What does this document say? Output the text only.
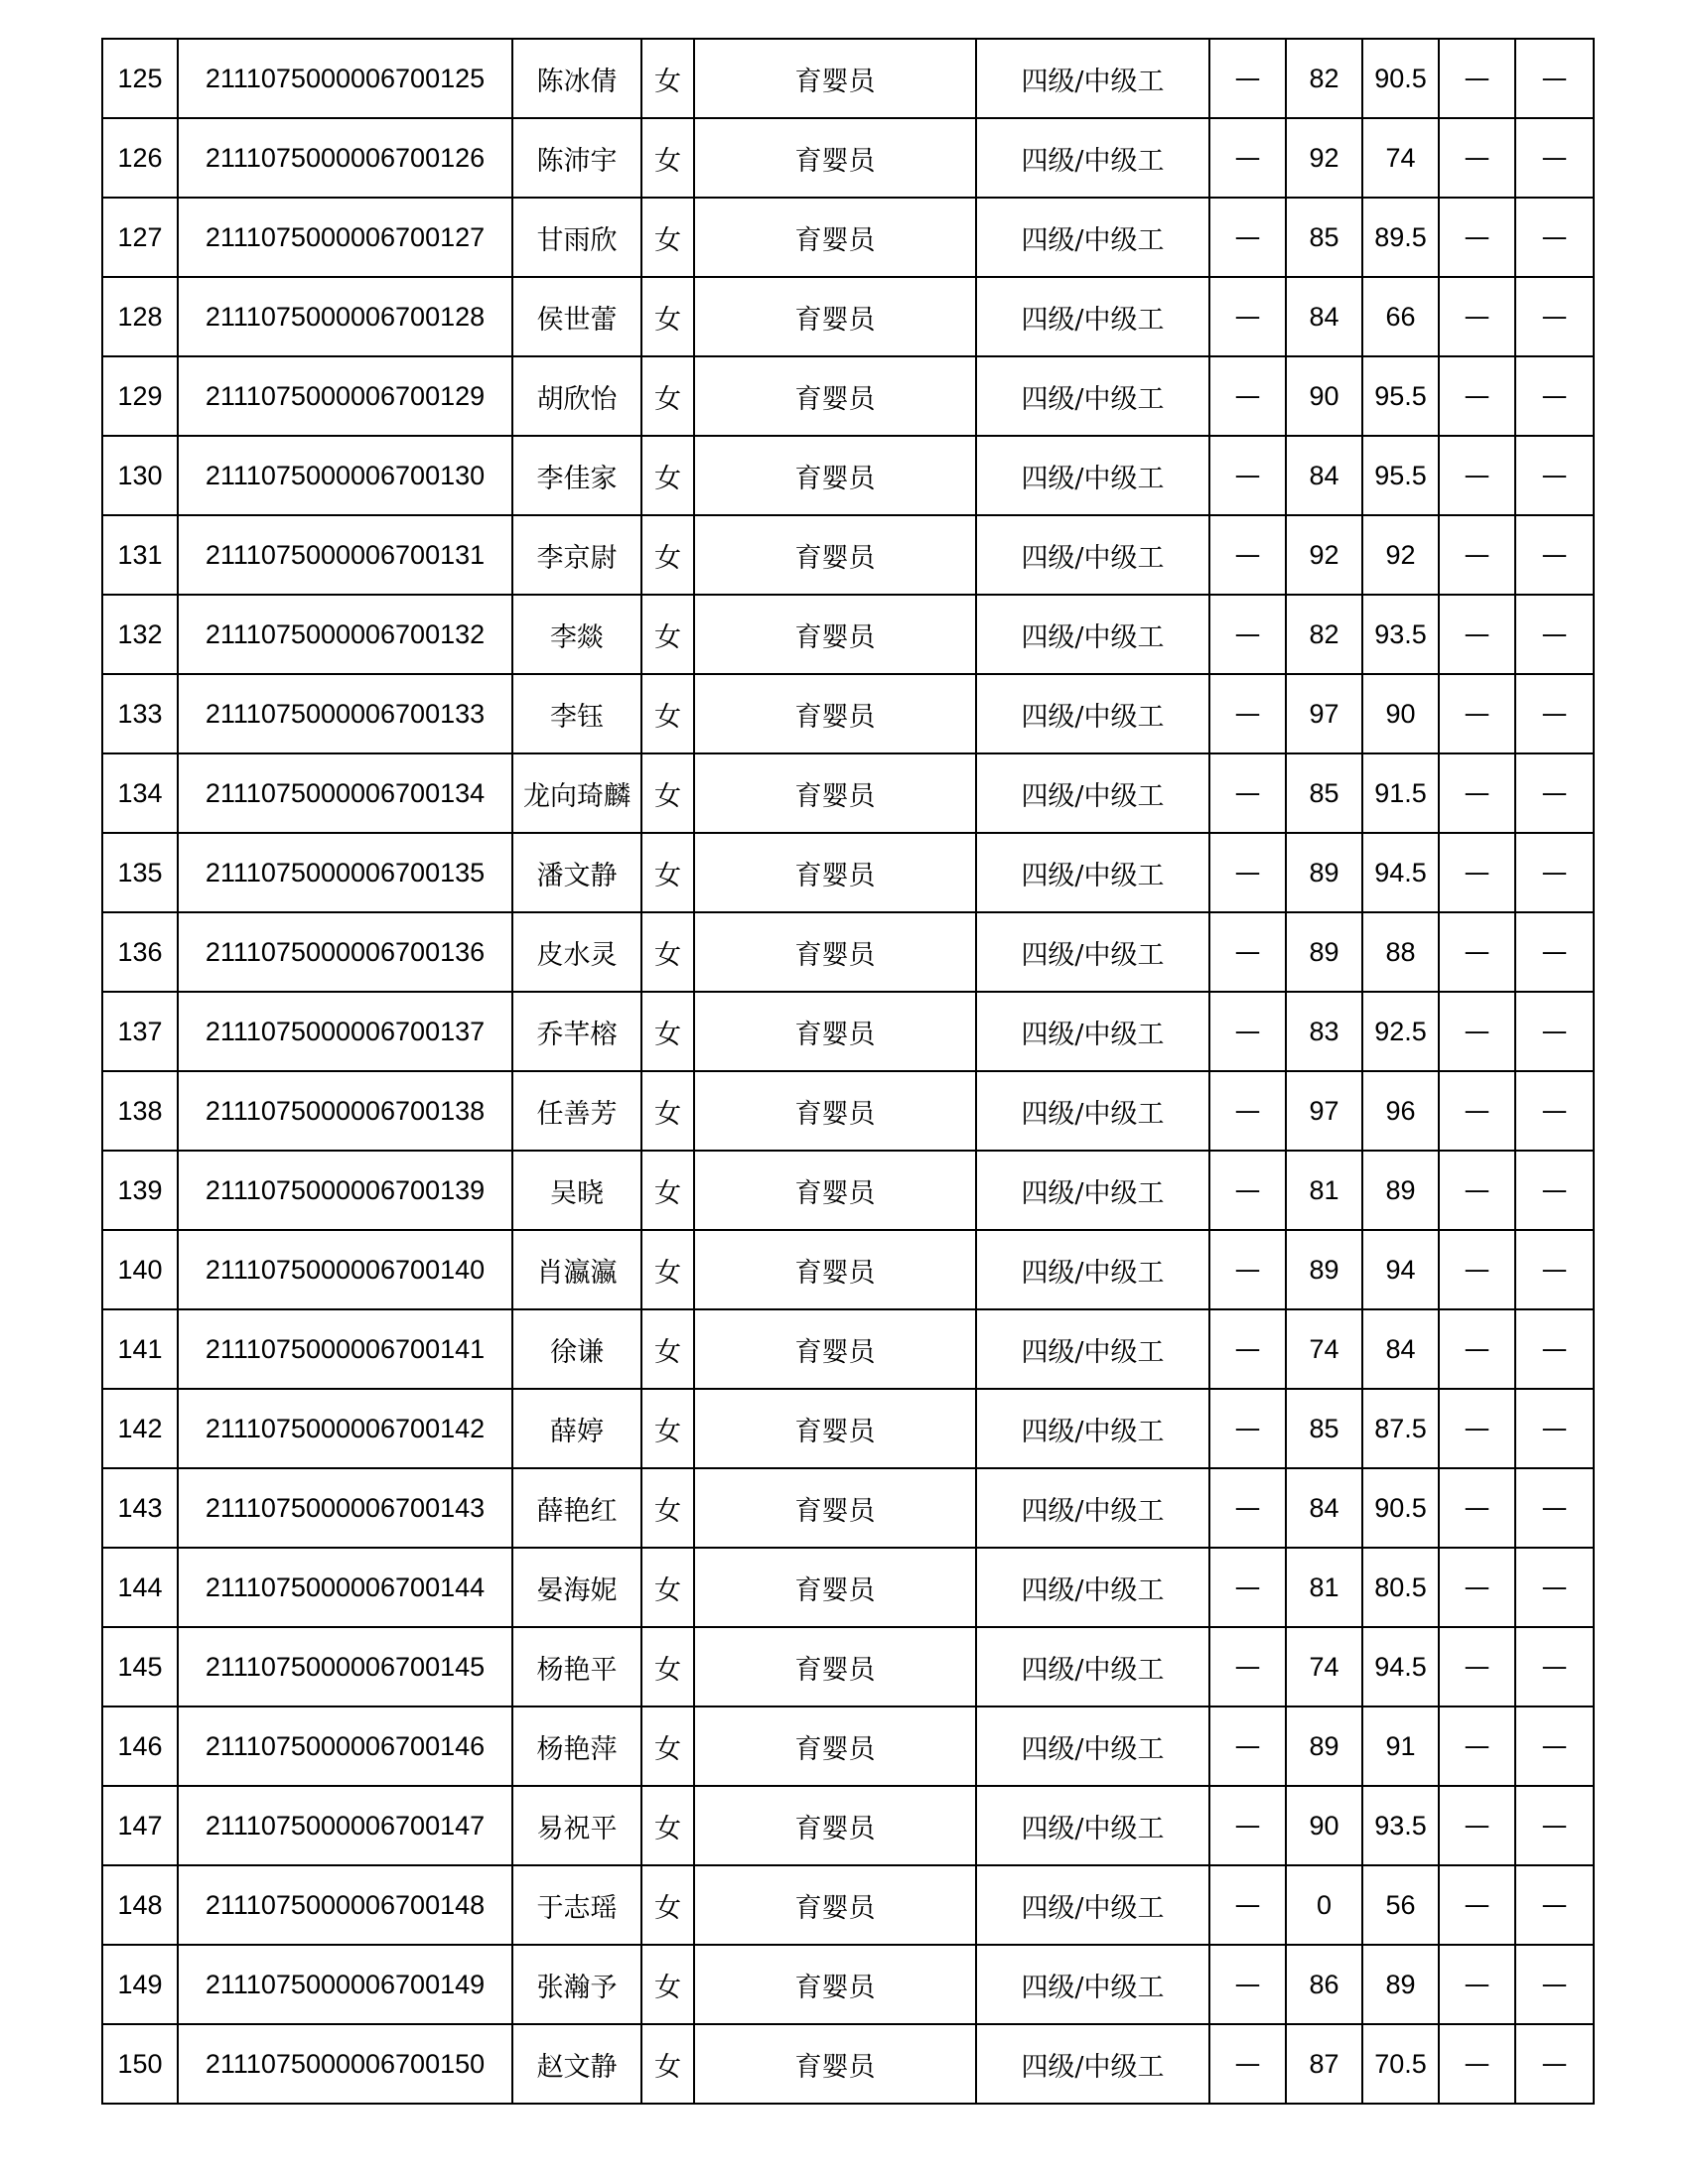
125	2111075000006700125	陈冰倩	女	育婴员	四级/中级工	—	82	90.5	—	—
126	2111075000006700126	陈沛宇	女	育婴员	四级/中级工	—	92	74	—	—
127	2111075000006700127	甘雨欣	女	育婴员	四级/中级工	—	85	89.5	—	—
128	2111075000006700128	侯世蕾	女	育婴员	四级/中级工	—	84	66	—	—
129	2111075000006700129	胡欣怡	女	育婴员	四级/中级工	—	90	95.5	—	—
130	2111075000006700130	李佳家	女	育婴员	四级/中级工	—	84	95.5	—	—
131	2111075000006700131	李京尉	女	育婴员	四级/中级工	—	92	92	—	—
132	2111075000006700132	李燚	女	育婴员	四级/中级工	—	82	93.5	—	—
133	2111075000006700133	李钰	女	育婴员	四级/中级工	—	97	90	—	—
134	2111075000006700134	龙向琦麟	女	育婴员	四级/中级工	—	85	91.5	—	—
135	2111075000006700135	潘文静	女	育婴员	四级/中级工	—	89	94.5	—	—
136	2111075000006700136	皮水灵	女	育婴员	四级/中级工	—	89	88	—	—
137	2111075000006700137	乔芊榕	女	育婴员	四级/中级工	—	83	92.5	—	—
138	2111075000006700138	任善芳	女	育婴员	四级/中级工	—	97	96	—	—
139	2111075000006700139	吴晓	女	育婴员	四级/中级工	—	81	89	—	—
140	2111075000006700140	肖瀛瀛	女	育婴员	四级/中级工	—	89	94	—	—
141	2111075000006700141	徐谦	女	育婴员	四级/中级工	—	74	84	—	—
142	2111075000006700142	薛婷	女	育婴员	四级/中级工	—	85	87.5	—	—
143	2111075000006700143	薛艳红	女	育婴员	四级/中级工	—	84	90.5	—	—
144	2111075000006700144	晏海妮	女	育婴员	四级/中级工	—	81	80.5	—	—
145	2111075000006700145	杨艳平	女	育婴员	四级/中级工	—	74	94.5	—	—
146	2111075000006700146	杨艳萍	女	育婴员	四级/中级工	—	89	91	—	—
147	2111075000006700147	易祝平	女	育婴员	四级/中级工	—	90	93.5	—	—
148	2111075000006700148	于志瑶	女	育婴员	四级/中级工	—	0	56	—	—
149	2111075000006700149	张瀚予	女	育婴员	四级/中级工	—	86	89	—	—
150	2111075000006700150	赵文静	女	育婴员	四级/中级工	—	87	70.5	—	—
